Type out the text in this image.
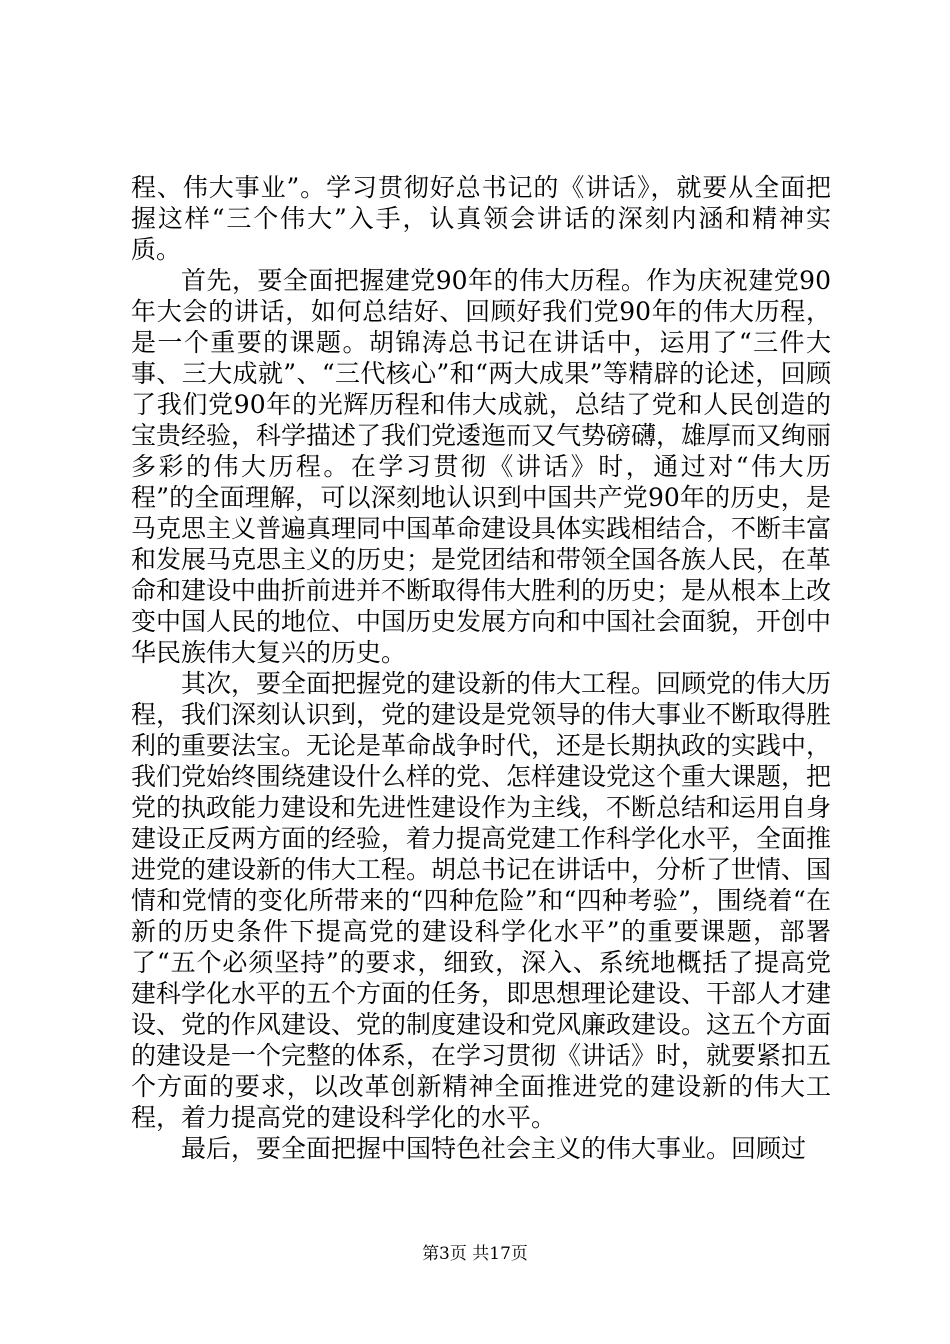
程、伟大事业”。学习贯彻好总书记的《讲话》，就要从全面把握这样“三个伟大”入手，认真领会讲话的深刻内涵和精神实质。

首先，要全面把握建党90年的伟大历程。作为庆祝建党90年大会的讲话，如何总结好、回顾好我们党90年的伟大历程，是一个重要的课题。胡锦涛总书记在讲话中，运用了“三件大事、三大成就”、“三代核心”和“两大成果”等精辟的论述，回顾了我们党90年的光辉历程和伟大成就，总结了党和人民创造的宝贵经验，科学描述了我们党逶迤而又气势磅礴，雄厚而又绚丽多彩的伟大历程。在学习贯彻《讲话》时，通过对“伟大历程”的全面理解，可以深刻地认识到中国共产党90年的历史，是马克思主义普遍真理同中国革命建设具体实践相结合，不断丰富和发展马克思主义的历史；是党团结和带领全国各族人民，在革命和建设中曲折前进并不断取得伟大胜利的历史；是从根本上改变中国人民的地位、中国历史发展方向和中国社会面貌，开创中华民族伟大复兴的历史。

其次，要全面把握党的建设新的伟大工程。回顾党的伟大历程，我们深刻认识到，党的建设是党领导的伟大事业不断取得胜利的重要法宝。无论是革命战争时代，还是长期执政的实践中，我们党始终围绕建设什么样的党、怎样建设党这个重大课题，把党的执政能力建设和先进性建设作为主线，不断总结和运用自身建设正反两方面的经验，着力提高党建工作科学化水平，全面推进党的建设新的伟大工程。胡总书记在讲话中，分析了世情、国情和党情的变化所带来的“四种危险”和“四种考验”，围绕着“在新的历史条件下提高党的建设科学化水平”的重要课题，部署了“五个必须坚持”的要求，细致，深入、系统地概括了提高党建科学化水平的五个方面的任务，即思想理论建设、干部人才建设、党的作风建设、党的制度建设和党风廉政建设。这五个方面的建设是一个完整的体系，在学习贯彻《讲话》时，就要紧扣五个方面的要求，以改革创新精神全面推进党的建设新的伟大工程，着力提高党的建设科学化的水平。

最后，要全面把握中国特色社会主义的伟大事业。回顾过

第3页 共17页
